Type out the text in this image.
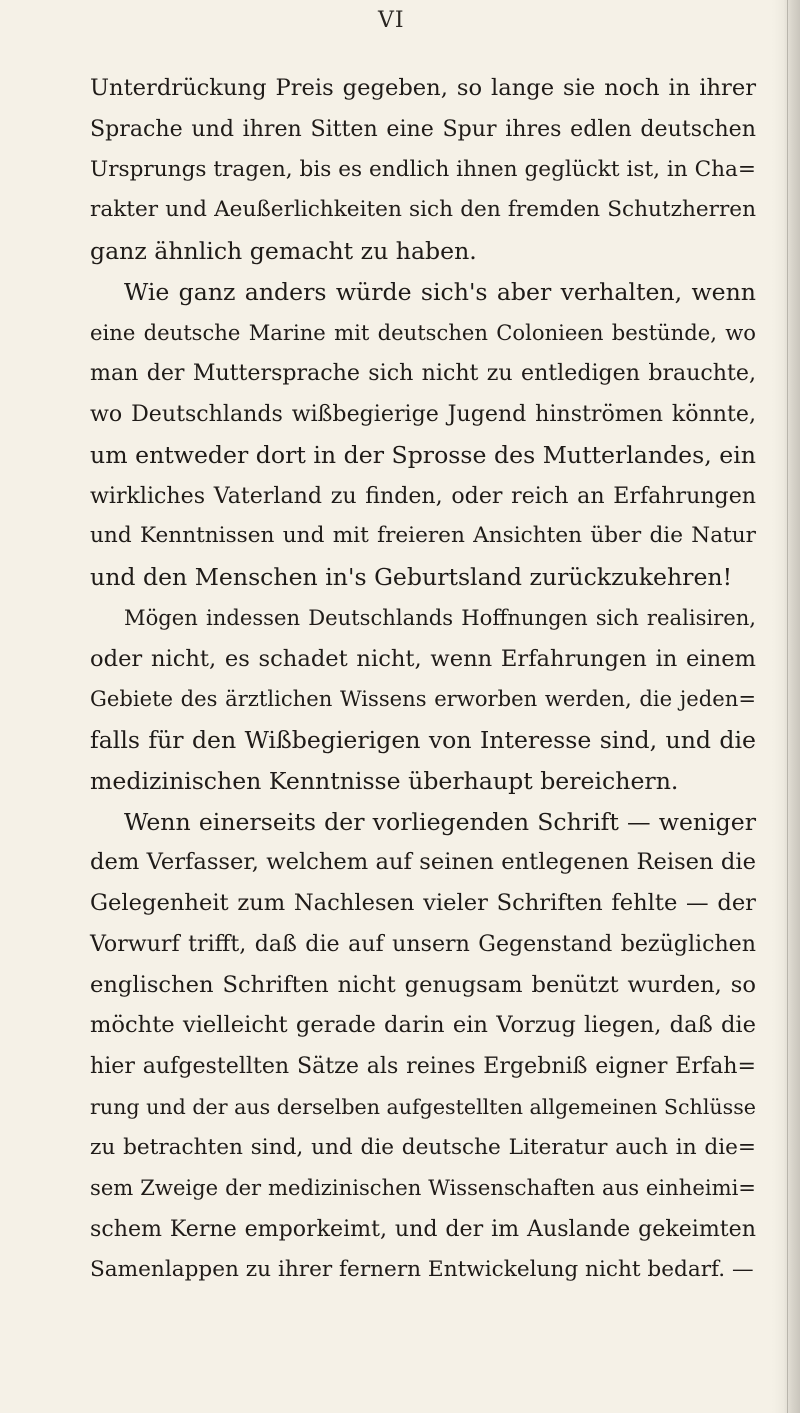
VI
Unterdrückung Preis gegeben, so lange sie noch in ihrer
Sprache und ihren Sitten eine Spur ihres edlen deutschen
Ursprungs tragen, bis es endlich ihnen geglückt ist, in Cha=
rakter und Aeußerlichkeiten sich den fremden Schutzherren
ganz ähnlich gemacht zu haben.
Wie ganz anders würde sich's aber verhalten, wenn
eine deutsche Marine mit deutschen Colonieen bestünde, wo
man der Muttersprache sich nicht zu entledigen brauchte,
wo Deutschlands wißbegierige Jugend hinströmen könnte,
um entweder dort in der Sprosse des Mutterlandes, ein
wirkliches Vaterland zu finden, oder reich an Erfahrungen
und Kenntnissen und mit freieren Ansichten über die Natur
und den Menschen in's Geburtsland zurückzukehren!
Mögen indessen Deutschlands Hoffnungen sich realisiren,
oder nicht, es schadet nicht, wenn Erfahrungen in einem
Gebiete des ärztlichen Wissens erworben werden, die jeden=
falls für den Wißbegierigen von Interesse sind, und die
medizinischen Kenntnisse überhaupt bereichern.
Wenn einerseits der vorliegenden Schrift — weniger
dem Verfasser, welchem auf seinen entlegenen Reisen die
Gelegenheit zum Nachlesen vieler Schriften fehlte — der
Vorwurf trifft, daß die auf unsern Gegenstand bezüglichen
englischen Schriften nicht genugsam benützt wurden, so
möchte vielleicht gerade darin ein Vorzug liegen, daß die
hier aufgestellten Sätze als reines Ergebniß eigner Erfah=
rung und der aus derselben aufgestellten allgemeinen Schlüsse
zu betrachten sind, und die deutsche Literatur auch in die=
sem Zweige der medizinischen Wissenschaften aus einheimi=
schem Kerne emporkeimt, und der im Auslande gekeimten
Samenlappen zu ihrer fernern Entwickelung nicht bedarf. —
